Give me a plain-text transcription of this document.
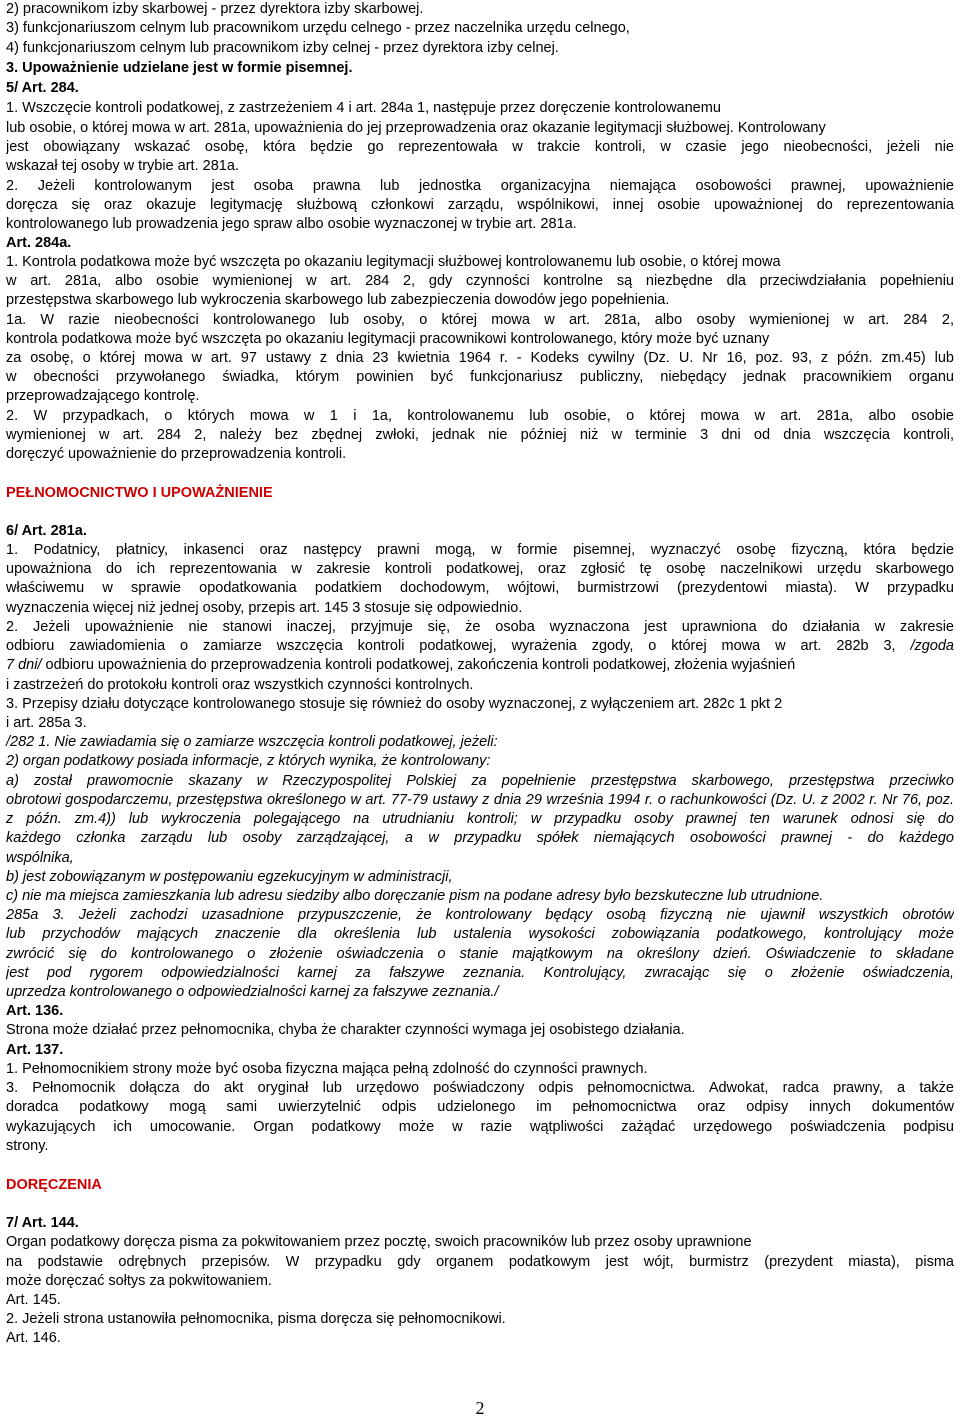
2) pracownikom izby skarbowej - przez dyrektora izby skarbowej.
3) funkcjonariuszom celnym lub pracownikom urzędu celnego - przez naczelnika urzędu celnego,
4) funkcjonariuszom celnym lub pracownikom izby celnej - przez dyrektora izby celnej.
3. Upoważnienie udzielane jest w formie pisemnej.
5/ Art. 284.
1. Wszczęcie kontroli podatkowej, z zastrzeżeniem 4 i art. 284a 1, następuje przez doręczenie kontrolowanemu
lub osobie, o której mowa w art. 281a, upoważnienia do jej przeprowadzenia oraz okazanie legitymacji służbowej. Kontrolowany
jest obowiązany wskazać osobę, która będzie go reprezentowała w trakcie kontroli, w czasie jego nieobecności, jeżeli nie
wskazał tej osoby w trybie art. 281a.
2. Jeżeli kontrolowanym jest osoba prawna lub jednostka organizacyjna niemająca osobowości prawnej, upoważnienie
doręcza się oraz okazuje legitymację służbową członkowi zarządu, wspólnikowi, innej osobie upoważnionej do reprezentowania
kontrolowanego lub prowadzenia jego spraw albo osobie wyznaczonej w trybie art. 281a.
Art. 284a.
1. Kontrola podatkowa może być wszczęta po okazaniu legitymacji służbowej kontrolowanemu lub osobie, o której mowa
w art. 281a, albo osobie wymienionej w art. 284 2, gdy czynności kontrolne są niezbędne dla przeciwdziałania popełnieniu
przestępstwa skarbowego lub wykroczenia skarbowego lub zabezpieczenia dowodów jego popełnienia.
1a. W razie nieobecności kontrolowanego lub osoby, o której mowa w art. 281a, albo osoby wymienionej w art. 284 2,
kontrola podatkowa może być wszczęta po okazaniu legitymacji pracownikowi kontrolowanego, który może być uznany
za osobę, o której mowa w art. 97 ustawy z dnia 23 kwietnia 1964 r. - Kodeks cywilny (Dz. U. Nr 16, poz. 93, z późn. zm.45) lub
w obecności przywołanego świadka, którym powinien być funkcjonariusz publiczny, niebędący jednak pracownikiem organu
przeprowadzającego kontrolę.
2. W przypadkach, o których mowa w 1 i 1a, kontrolowanemu lub osobie, o której mowa w art. 281a, albo osobie
wymienionej w art. 284 2, należy bez zbędnej zwłoki, jednak nie później niż w terminie 3 dni od dnia wszczęcia kontroli,
doręczyć upoważnienie do przeprowadzenia kontroli.
PEŁNOMOCNICTWO I UPOWAŻNIENIE
6/ Art. 281a.
1. Podatnicy, płatnicy, inkasenci oraz następcy prawni mogą, w formie pisemnej, wyznaczyć osobę fizyczną, która będzie
upoważniona do ich reprezentowania w zakresie kontroli podatkowej, oraz zgłosić tę osobę naczelnikowi urzędu skarbowego
właściwemu w sprawie opodatkowania podatkiem dochodowym, wójtowi, burmistrzowi (prezydentowi miasta). W przypadku
wyznaczenia więcej niż jednej osoby, przepis art. 145 3 stosuje się odpowiednio.
2. Jeżeli upoważnienie nie stanowi inaczej, przyjmuje się, że osoba wyznaczona jest uprawniona do działania w zakresie
odbioru zawiadomienia o zamiarze wszczęcia kontroli podatkowej, wyrażenia zgody, o której mowa w art. 282b 3, /zgoda
7 dni/ odbioru upoważnienia do przeprowadzenia kontroli podatkowej, zakończenia kontroli podatkowej, złożenia wyjaśnień
i zastrzeżeń do protokołu kontroli oraz wszystkich czynności kontrolnych.
3. Przepisy działu dotyczące kontrolowanego stosuje się również do osoby wyznaczonej, z wyłączeniem art. 282c 1 pkt 2
i art. 285a 3.
/282 1. Nie zawiadamia się o zamiarze wszczęcia kontroli podatkowej, jeżeli:
2) organ podatkowy posiada informacje, z których wynika, że kontrolowany:
a) został prawomocnie skazany w Rzeczypospolitej Polskiej za popełnienie przestępstwa skarbowego, przestępstwa przeciwko
obrotowi gospodarczemu, przestępstwa określonego w art. 77-79 ustawy z dnia 29 września 1994 r. o rachunkowości (Dz. U. z 2002 r. Nr 76, poz.
z późn. zm.4)) lub wykroczenia polegającego na utrudnianiu kontroli; w przypadku osoby prawnej ten warunek odnosi się do
każdego członka zarządu lub osoby zarządzającej, a w przypadku spółek niemających osobowości prawnej - do każdego
wspólnika,
b) jest zobowiązanym w postępowaniu egzekucyjnym w administracji,
c) nie ma miejsca zamieszkania lub adresu siedziby albo doręczanie pism na podane adresy było bezskuteczne lub utrudnione.
285a 3. Jeżeli zachodzi uzasadnione przypuszczenie, że kontrolowany będący osobą fizyczną nie ujawnił wszystkich obrotów
lub przychodów mających znaczenie dla określenia lub ustalenia wysokości zobowiązania podatkowego, kontrolujący może
zwrócić się do kontrolowanego o złożenie oświadczenia o stanie majątkowym na określony dzień. Oświadczenie to składane
jest pod rygorem odpowiedzialności karnej za fałszywe zeznania. Kontrolujący, zwracając się o złożenie oświadczenia,
uprzedza kontrolowanego o odpowiedzialności karnej za fałszywe zeznania./
Art. 136.
Strona może działać przez pełnomocnika, chyba że charakter czynności wymaga jej osobistego działania.
Art. 137.
1. Pełnomocnikiem strony może być osoba fizyczna mająca pełną zdolność do czynności prawnych.
3. Pełnomocnik dołącza do akt oryginał lub urzędowo poświadczony odpis pełnomocnictwa. Adwokat, radca prawny, a także
doradca podatkowy mogą sami uwierzytelnić odpis udzielonego im pełnomocnictwa oraz odpisy innych dokumentów
wykazujących ich umocowanie. Organ podatkowy może w razie wątpliwości zażądać urzędowego poświadczenia podpisu
strony.
DORĘCZENIA
7/ Art. 144.
Organ podatkowy doręcza pisma za pokwitowaniem przez pocztę, swoich pracowników lub przez osoby uprawnione
na podstawie odrębnych przepisów. W przypadku gdy organem podatkowym jest wójt, burmistrz (prezydent miasta), pisma
może doręczać sołtys za pokwitowaniem.
Art. 145.
2. Jeżeli strona ustanowiła pełnomocnika, pisma doręcza się pełnomocnikowi.
Art. 146.
2
